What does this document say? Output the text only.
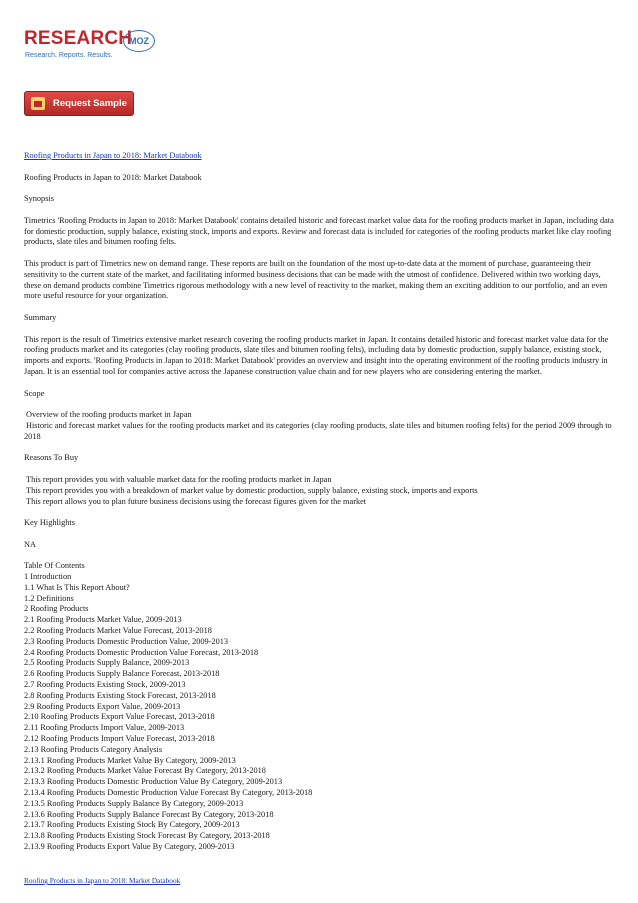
RESEARCH
MOZ
Research. Reports. Results.
Request Sample

Roofing Products in Japan to 2018: Market Databook

Roofing Products in Japan to 2018: Market Databook

Synopsis

Timetrics 'Roofing Products in Japan to 2018: Market Databook' contains detailed historic and forecast market value data for the roofing products market in Japan, including data for domestic production, supply balance, existing stock, imports and exports. Review and forecast data is included for categories of the roofing products market like clay roofing products, slate tiles and bitumen roofing felts.

This product is part of Timetrics new on demand range. These reports are built on the foundation of the most up-to-date data at the moment of purchase, guaranteeing their sensitivity to the current state of the market, and facilitating informed business decisions that can be made with the utmost of confidence. Delivered within two working days, these on demand products combine Timetrics rigorous methodology with a new level of reactivity to the market, making them an exciting addition to our portfolio, and an even more useful resource for your organization.

Summary

This report is the result of Timetrics extensive market research covering the roofing products market in Japan. It contains detailed historic and forecast market value data for the roofing products market and its categories (clay roofing products, slate tiles and bitumen roofing felts), including data by domestic production, supply balance, existing stock, imports and exports. 'Roofing Products in Japan to 2018: Market Databook' provides an overview and insight into the operating environment of the roofing products industry in Japan. It is an essential tool for companies active across the Japanese construction value chain and for new players who are considering entering the market.

Scope

Overview of the roofing products market in Japan
Historic and forecast market values for the roofing products market and its categories (clay roofing products, slate tiles and bitumen roofing felts) for the period 2009 through to 2018

Reasons To Buy

This report provides you with valuable market data for the roofing products market in Japan
This report provides you with a breakdown of market value by domestic production, supply balance, existing stock, imports and exports
This report allows you to plan future business decisions using the forecast figures given for the market

Key Highlights

NA

Table Of Contents
1 Introduction
1.1 What Is This Report About?
1.2 Definitions
2 Roofing Products
2.1 Roofing Products Market Value, 2009-2013
2.2 Roofing Products Market Value Forecast, 2013-2018
2.3 Roofing Products Domestic Production Value, 2009-2013
2.4 Roofing Products Domestic Production Value Forecast, 2013-2018
2.5 Roofing Products Supply Balance, 2009-2013
2.6 Roofing Products Supply Balance Forecast, 2013-2018
2.7 Roofing Products Existing Stock, 2009-2013
2.8 Roofing Products Existing Stock Forecast, 2013-2018
2.9 Roofing Products Export Value, 2009-2013
2.10 Roofing Products Export Value Forecast, 2013-2018
2.11 Roofing Products Import Value, 2009-2013
2.12 Roofing Products Import Value Forecast, 2013-2018
2.13 Roofing Products Category Analysis
2.13.1 Roofing Products Market Value By Category, 2009-2013
2.13.2 Roofing Products Market Value Forecast By Category, 2013-2018
2.13.3 Roofing Products Domestic Production Value By Category, 2009-2013
2.13.4 Roofing Products Domestic Production Value Forecast By Category, 2013-2018
2.13.5 Roofing Products Supply Balance By Category, 2009-2013
2.13.6 Roofing Products Supply Balance Forecast By Category, 2013-2018
2.13.7 Roofing Products Existing Stock By Category, 2009-2013
2.13.8 Roofing Products Existing Stock Forecast By Category, 2013-2018
2.13.9 Roofing Products Export Value By Category, 2009-2013
Roofing Products in Japan to 2018: Market Databook
